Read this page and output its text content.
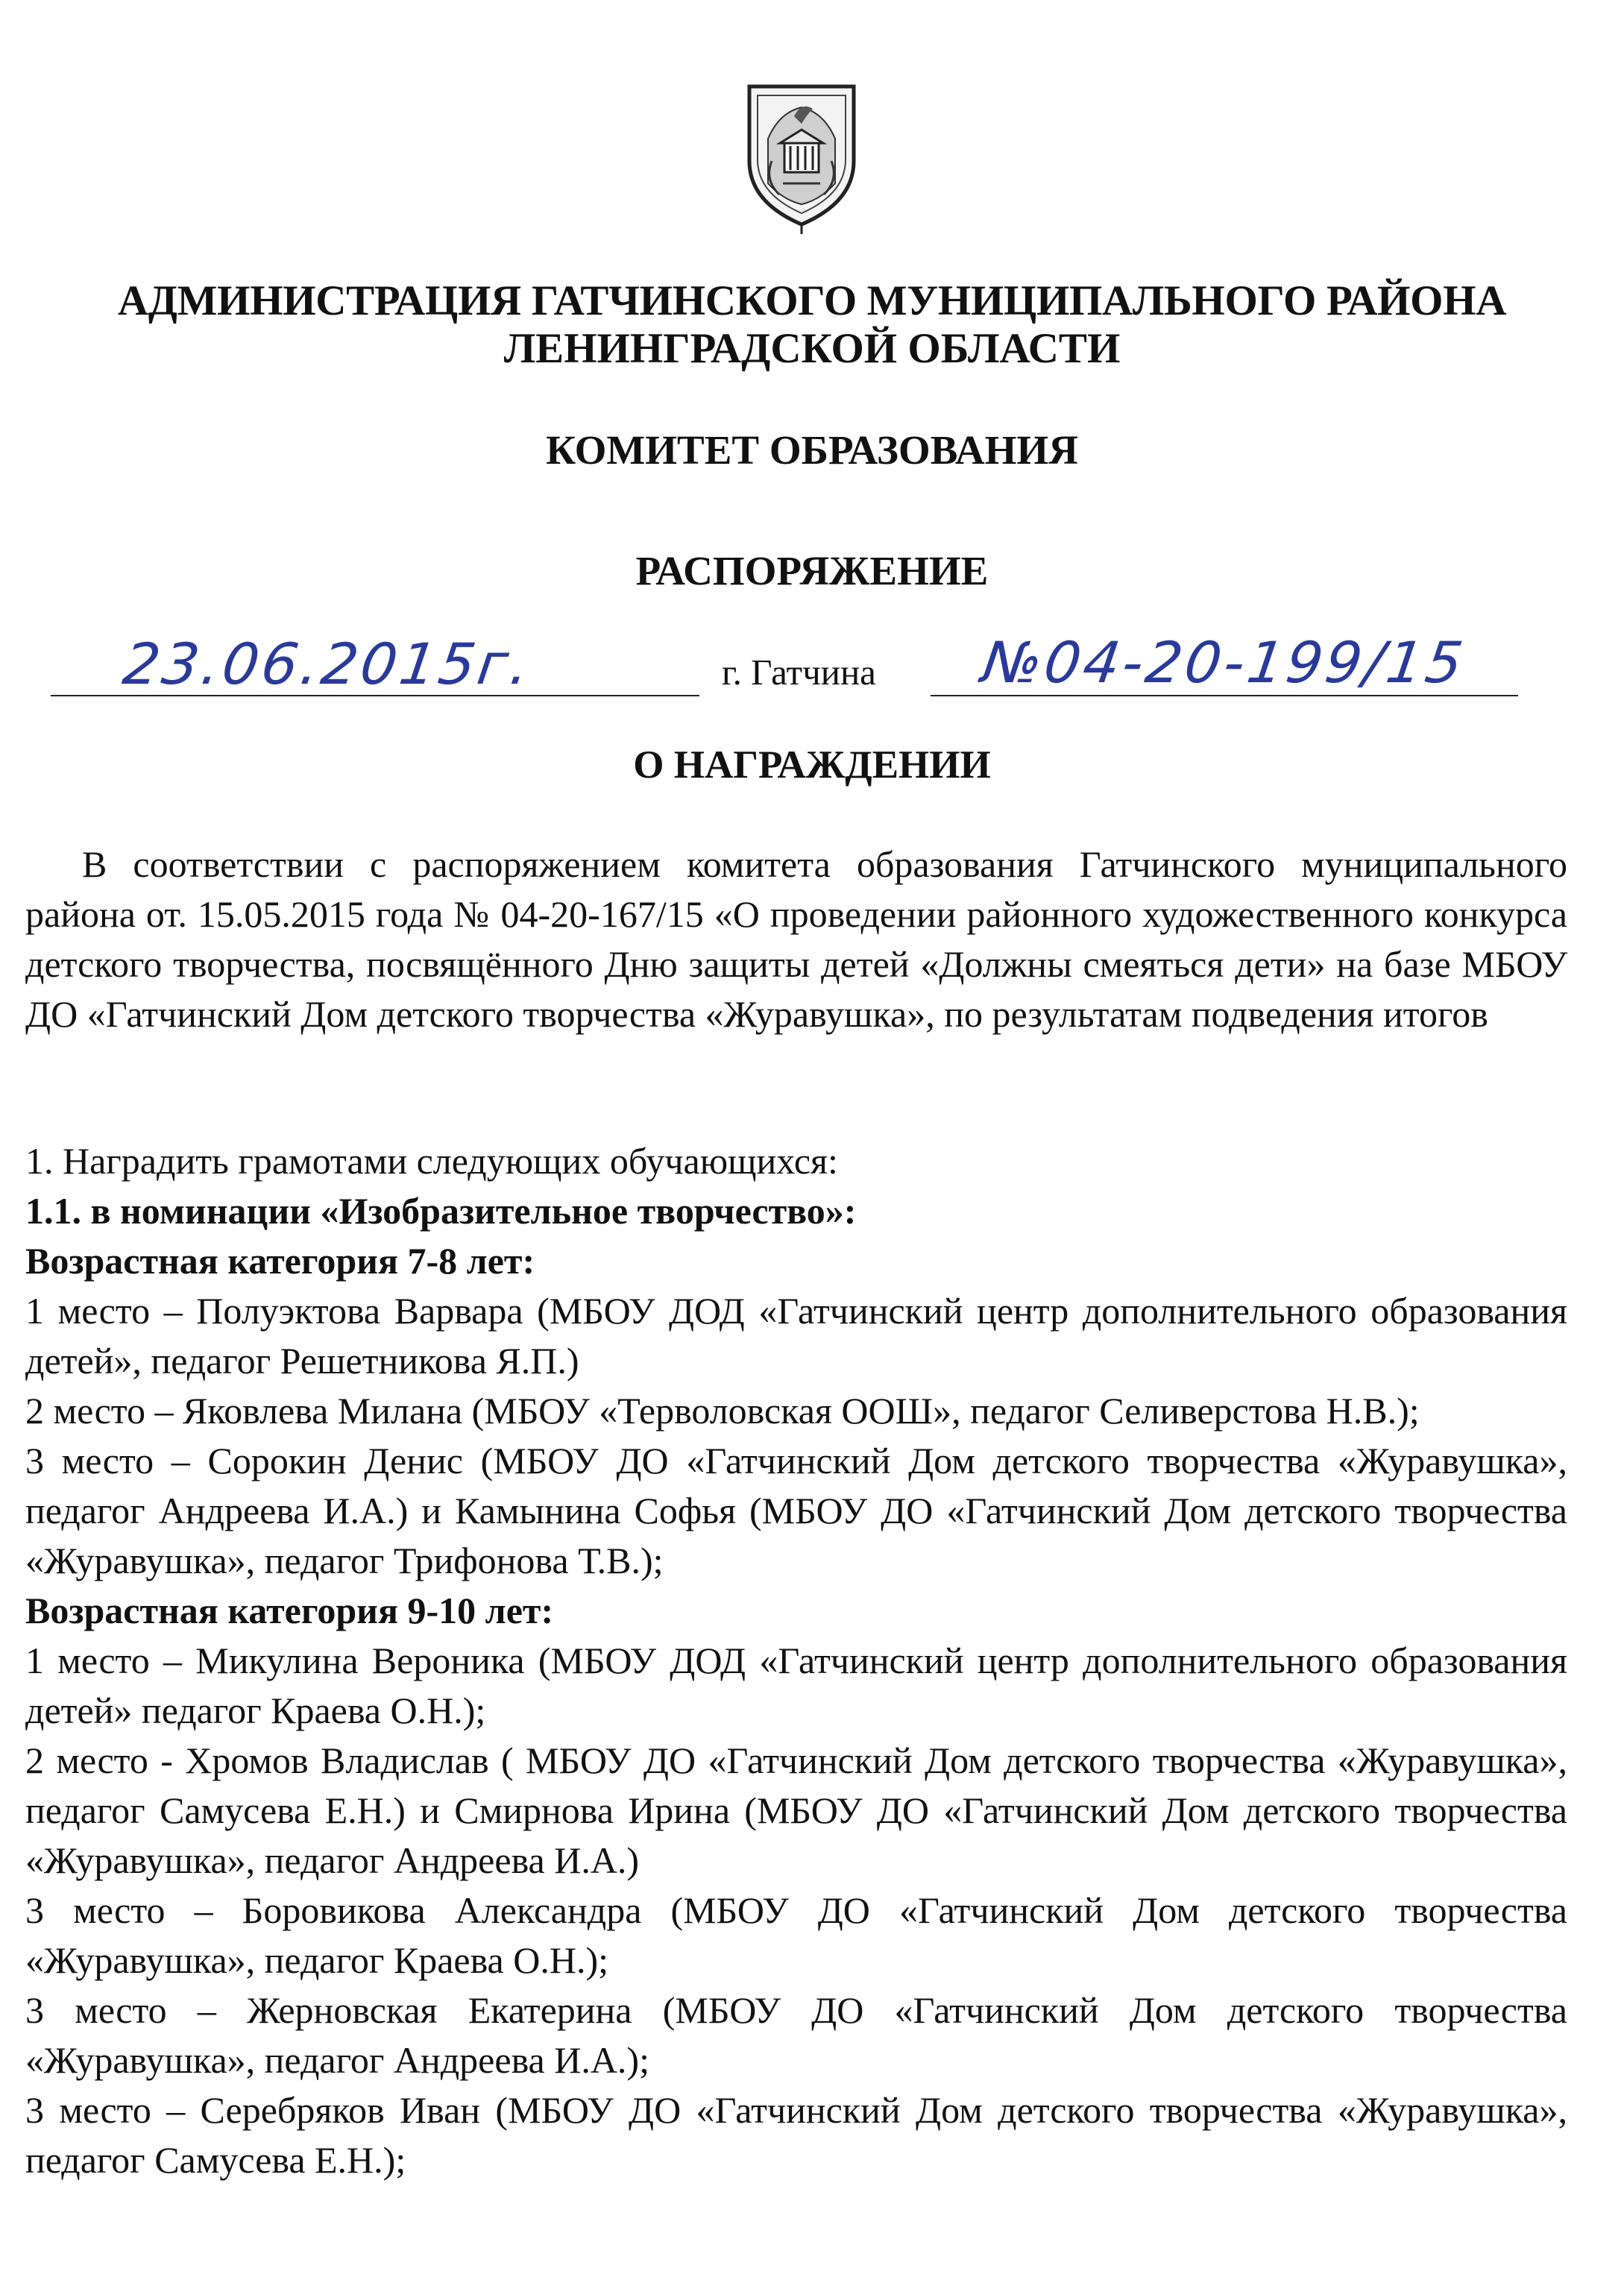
АДМИНИСТРАЦИЯ ГАТЧИНСКОГО МУНИЦИПАЛЬНОГО РАЙОНА
ЛЕНИНГРАДСКОЙ ОБЛАСТИ
КОМИТЕТ ОБРАЗОВАНИЯ
РАСПОРЯЖЕНИЕ
23.06.2015г.	г. Гатчина №04-20-199/15
О НАГРАЖДЕНИИ
В соответствии с распоряжением комитета образования Гатчинского муниципального района от. 15.05.2015 года № 04-20-167/15 «О проведении районного художественного конкурса детского творчества, посвящённого Дню защиты детей «Должны смеяться дети» на базе МБОУ ДО «Гатчинский Дом детского творчества «Журавушка», по результатам подведения итогов

1. Наградить грамотами следующих обучающихся:

1.1. в номинации «Изобразительное творчество»:

Возрастная категория 7-8 лет:

1 место – Полуэктова Варвара (МБОУ ДОД «Гатчинский центр дополнительного образования детей», педагог Решетникова Я.П.)

2 место – Яковлева Милана (МБОУ «Терволовская ООШ», педагог Селиверстова Н.В.);

3 место – Сорокин Денис (МБОУ ДО «Гатчинский Дом детского творчества «Журавушка», педагог Андреева И.А.) и Камынина Софья (МБОУ ДО «Гатчинский Дом детского творчества «Журавушка», педагог Трифонова Т.В.);

Возрастная категория 9-10 лет:

1 место – Микулина Вероника (МБОУ ДОД «Гатчинский центр дополнительного образования детей» педагог Краева О.Н.);

2 место - Хромов Владислав ( МБОУ ДО «Гатчинский Дом детского творчества «Журавушка», педагог Самусева Е.Н.) и Смирнова Ирина (МБОУ ДО «Гатчинский Дом детского творчества «Журавушка», педагог Андреева И.А.)

3 место – Боровикова Александра (МБОУ ДО «Гатчинский Дом детского творчества «Журавушка», педагог Краева О.Н.);

3 место – Жерновская Екатерина (МБОУ ДО «Гатчинский Дом детского творчества «Журавушка», педагог Андреева И.А.);

3 место – Серебряков Иван (МБОУ ДО «Гатчинский Дом детского творчества «Журавушка», педагог Самусева Е.Н.);
